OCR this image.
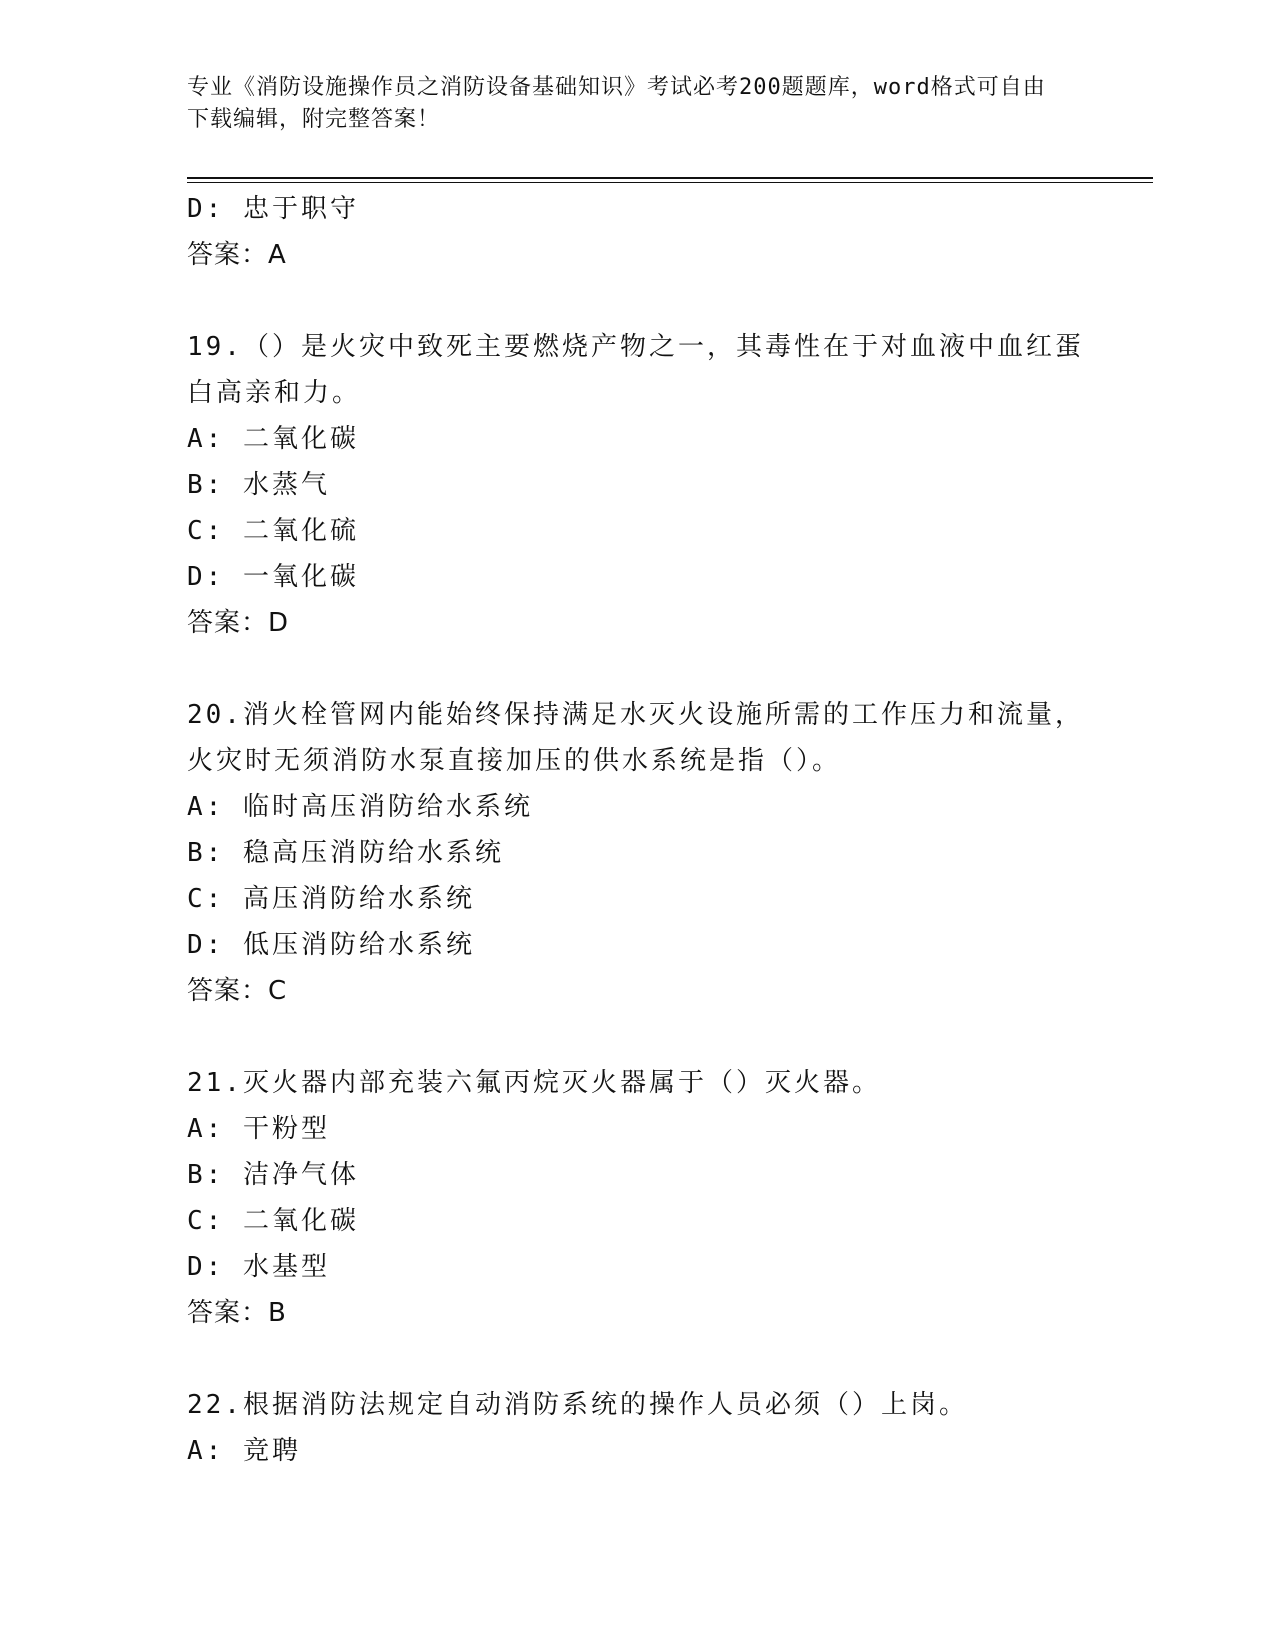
专业《消防设施操作员之消防设备基础知识》考试必考200题题库，word格式可自由下载编辑，附完整答案！
D: 忠于职守
答案：A
19.（）是火灾中致死主要燃烧产物之一，其毒性在于对血液中血红蛋白高亲和力。
A: 二氧化碳
B: 水蒸气
C: 二氧化硫
D: 一氧化碳
答案：D
20.消火栓管网内能始终保持满足水灭火设施所需的工作压力和流量，火灾时无须消防水泵直接加压的供水系统是指（）。
A: 临时高压消防给水系统
B: 稳高压消防给水系统
C: 高压消防给水系统
D: 低压消防给水系统
答案：C
21.灭火器内部充装六氟丙烷灭火器属于（）灭火器。
A: 干粉型
B: 洁净气体
C: 二氧化碳
D: 水基型
答案：B
22.根据消防法规定自动消防系统的操作人员必须（）上岗。
A: 竞聘
